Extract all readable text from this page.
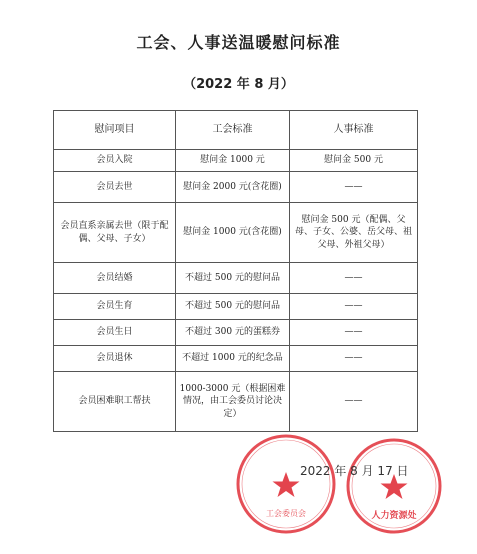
工会、人事送温暖慰问标准
（2022 年 8 月）
慰问项目	工会标准	人事标准
会员入院	慰问金 1000 元	慰问金 500 元
会员去世	慰问金 2000 元(含花圈)	——
会员直系亲属去世（限于配偶、父母、子女）	慰问金 1000 元(含花圈)	慰问金 500 元（配偶、父母、子女、公婆、岳父母、祖父母、外祖父母）
会员结婚	不超过 500 元的慰问品	——
会员生育	不超过 500 元的慰问品	——
会员生日	不超过 300 元的蛋糕券	——
会员退休	不超过 1000 元的纪念品	——
会员困难职工帮扶	1000-3000 元（根据困难情况，由工会委员讨论决定）	——
工会委员会	人力资源处
2022 年 8 月 17 日
